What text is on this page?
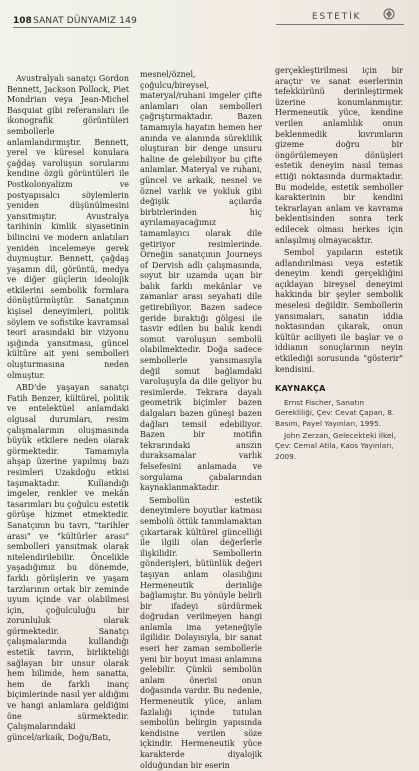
108 SANAT DÜNYAMIZ 149	ESTETİK

Avustralyalı sanatçı Gordon Bennett, Jackson Pollock, Piet Mondrian veya Jean-Michel Basquiat gibi referansları ile ikonografik görüntüleri sembollerle anlamlandırmıştır. Bennett, yerel ve küresel konulara çağdaş varoluşun sorularını kendine özgü görüntüleri ile Postkolonyalizm ve postyapısalcı söylemlerin yeniden düşünülmesini yansıtmıştır. Avustralya tarihinin kimlik siyasetinin bilincini ve modern anlatıları yeniden incelemeye gerek duymuştur. Bennett, çağdaş yaşamın dil, görüntü, medya ve diğer güçlerin ideolojik etkilerini sembolik formlara dönüştürmüştür. Sanatçının kişisel deneyimleri, politik söylem ve sofistike kavramsal teori arasındaki bir vizyonu ışığında yansıtması, güncel kültüre ait yeni sembolleri oluşturmasına neden olmuştur.

ABD'de yaşayan sanatçı Fatih Benzer, kültürel, politik ve entelektüel anlamdaki olgusal durumları, resim çalışmalarının oluşmasında büyük etkilere neden olarak görmektedir. Tamamıyla ahşap üzerine yapılmış bazı resimleri Uzakdoğu etkisi taşımaktadır. Kullandığı imgeler, renkler ve mekân tasarımları bu çoğulcu estetik görüşe hizmet etmektedir. Sanatçının bu tavrı, "tarihler arası" ve "kültürler arası" sembolleri yansıtmak olarak nitelendirilebilir. Öncelikle yaşadığımız bu dönemde, farklı görüşlerin ve yaşam tarzlarının ortak bir zeminde uyum içinde var olabilmesi için, çoğulculuğu bir zorunluluk olarak görmektedir. Sanatçı çalışmalarında kullandığı estetik tavrın, birlikteliği sağlayan bir unsur olarak hem bilimde, hem sanatta, hem de farklı inanç biçimlerinde nasıl yer aldığını ve hangi anlamlara geldiğini öne sürmektedir. Çalışmalarındaki güncel/arkaik, Doğu/Batı,

mesnel/öznel, çoğulcu/bireysel, materyal/ruhani imgeler çifte anlamları olan sembolleri çağrıştırmaktadır. Bazen tamamıyla hayatın hemen her anında ve alanında süreklilik oluşturan bir denge unsuru haline de gelebiliyor bu çifte anlamlar. Materyal ve ruhani, güncel ve arkaik, nesnel ve öznel varlık ve yokluk gibi değişik açılarda birbirlerinden hiç ayrılamayacağımız tamamlayıcı olarak dile getiriyor resimlerinde. Örneğin sanatçının Journeys of Dervish adlı çalışmasında, soyut bir uzamda uçan bir balık farklı mekânlar ve zamanlar arası seyahati dile getirebiliyor. Bazen sadece geride bıraktığı gölgesi ile tasvir edilen bu balık kendi somut varoluşun sembolü olabilmektedir. Doğa sadece sembollerle yansımasıyla değil somut bağlamdaki varoluşuyla da dile geliyor bu resimlerde. Tekrara dayalı geometrik biçimler bazen dalgaları bazen güneşi bazen dağları temsil edebiliyor. Bazen bir motifin tekrarındaki anszın duraksamalar varlık felsefesini anlamada ve sorgulama çabalarından kaynaklanmaktadır.

Sembolün estetik deneyimlere boyutlar katması sembolü öttük tanımlamaktan çıkartarak kültürel güncelliği ile ilgili olan değerlerle ilişkilidir. Sembollerin gönderişleri, bütünlük değeri taşıyan anlam olasılığını Hermeneutik derinliğe bağlamıştır. Bu yönüyle belirli bir ifadeyi sürdürmek doğrudan verilmeyen hangi anlamla ima yeteneğiyle ilgilidir. Dolayısıyla, bir sanat eseri her zaman sembollerle yeni bir boyut iması anlamına gelebilir. Çünkü sembolün anlam önerisi onun doğasında vardır. Bu nedenle, Hermeneutik yüce, anlam fazlalığı içinde tutulan sembolün belirgin yapısında kendisine verilen söze içkindir. Hermeneutik yüce karakterde diyalojik olduğundan bir eserin

gerçekleştirilmesi için bir araçtır ve sanat eserlerinin tefekkürünü derinleştirmek üzerine konumlanmıştır. Hermeneutik yüce, kendine verilen anlamlılık onun beklenmedik kıvrımların gizeme doğru bir öngörülemeyen dönüşleri estetik deneyim nasıl temas ettiği noktasında durmaktadır. Bu modelde, estetik semboller karakterinin bir kendini tekrarlayan anlam ve kavrama beklentisinden sonra terk edilecek olması herkes için anlaşılmış olmayacaktır.

Sembol yapıların estetik adlandırılması veya estetik deneyim kendi gerçekliğini açıklayan bireysel deneyimi hakkında bir şeyler sembolik meselesi değildir. Sembollerin yansımaları, sanatın iddia noktasından çıkarak, onun kültür aciliyeti ile başlar ve o iddianın sonuçlarının neyin etkilediği sorusunda "gösterir" kendisini.

KAYNAKÇA

Ernst Fischer, Sanatın Gerekliliği, Çev: Cevat Çapan, 8. Basım, Payel Yayınları, 1995.

John Zerzan, Gelecekteki İlkel, Çev: Cemal Atila, Kaos Yayınları, 2009.
